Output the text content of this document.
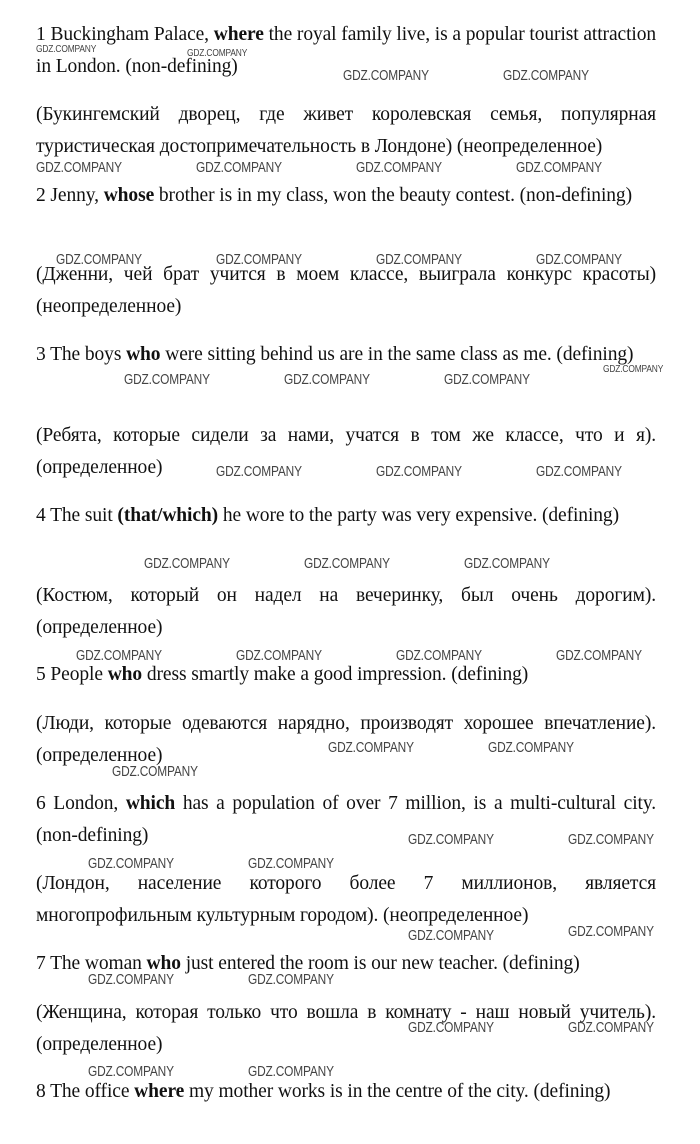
1 Buckingham Palace, where the royal family live, is a popular tourist attraction in London. (non-defining)
(Букингемский дворец, где живет королевская семья, популярная туристическая достопримечательность в Лондоне) (неопределенное)
2 Jenny, whose brother is in my class, won the beauty contest. (non-defining)
(Дженни, чей брат учится в моем классе, выиграла конкурс красоты) (неопределенное)
3 The boys who were sitting behind us are in the same class as me. (defining)
(Ребята, которые сидели за нами, учатся в том же классе, что и я). (определенное)
4 The suit (that/which) he wore to the party was very expensive. (defining)
(Костюм, который он надел на вечеринку, был очень дорогим). (определенное)
5 People who dress smartly make a good impression. (defining)
(Люди, которые одеваются нарядно, производят хорошее впечатление). (определенное)
6 London, which has a population of over 7 million, is a multi-cultural city. (non-defining)
(Лондон, население которого более 7 миллионов, является многопрофильным культурным городом). (неопределенное)
7 The woman who just entered the room is our new teacher. (defining)
(Женщина, которая только что вошла в комнату - наш новый учитель). (определенное)
8 The office where my mother works is in the centre of the city. (defining)
GDZ.COMPANY	GDZ.COMPANY
GDZ.COMPANY	GDZ.COMPANY
GDZ.COMPANY	GDZ.COMPANY	GDZ.COMPANY	GDZ.COMPANY
GDZ.COMPANY	GDZ.COMPANY	GDZ.COMPANY	GDZ.COMPANY
GDZ.COMPANY	GDZ.COMPANY	GDZ.COMPANY
GDZ.COMPANY
GDZ.COMPANY	GDZ.COMPANY	GDZ.COMPANY
GDZ.COMPANY	GDZ.COMPANY	GDZ.COMPANY
GDZ.COMPANY	GDZ.COMPANY	GDZ.COMPANY	GDZ.COMPANY
GDZ.COMPANY	GDZ.COMPANY
GDZ.COMPANY
GDZ.COMPANY	GDZ.COMPANY
GDZ.COMPANY	GDZ.COMPANY
GDZ.COMPANY	GDZ.COMPANY
GDZ.COMPANY	GDZ.COMPANY
GDZ.COMPANY	GDZ.COMPANY
GDZ.COMPANY	GDZ.COMPANY
